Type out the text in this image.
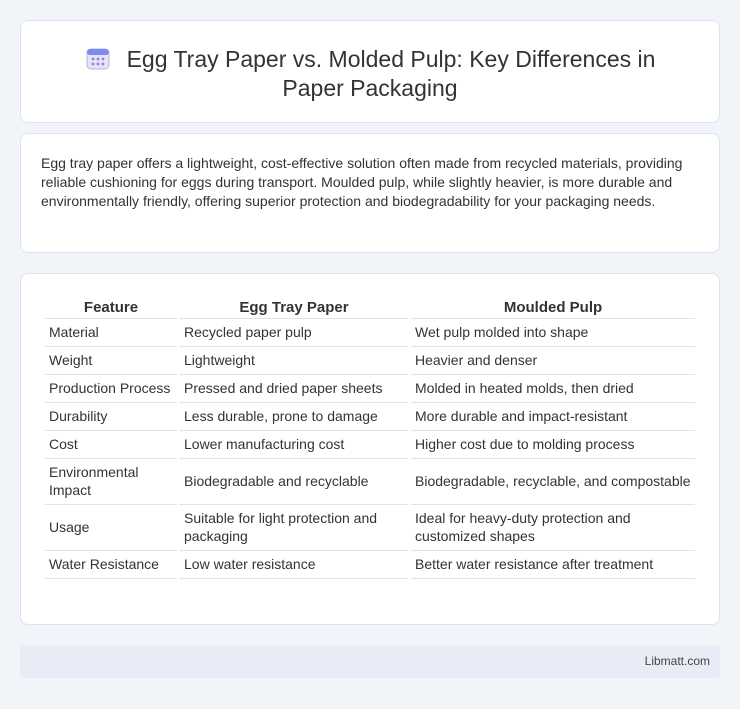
Egg Tray Paper vs. Molded Pulp: Key Differences in Paper Packaging

Egg tray paper offers a lightweight, cost-effective solution often made from recycled materials, providing reliable cushioning for eggs during transport. Moulded pulp, while slightly heavier, is more durable and environmentally friendly, offering superior protection and biodegradability for your packaging needs.

Feature	Egg Tray Paper	Moulded Pulp
Material	Recycled paper pulp	Wet pulp molded into shape
Weight	Lightweight	Heavier and denser
Production Process	Pressed and dried paper sheets	Molded in heated molds, then dried
Durability	Less durable, prone to damage	More durable and impact-resistant
Cost	Lower manufacturing cost	Higher cost due to molding process
Environmental Impact	Biodegradable and recyclable	Biodegradable, recyclable, and compostable
Usage	Suitable for light protection and packaging	Ideal for heavy-duty protection and customized shapes
Water Resistance	Low water resistance	Better water resistance after treatment
Libmatt.com
